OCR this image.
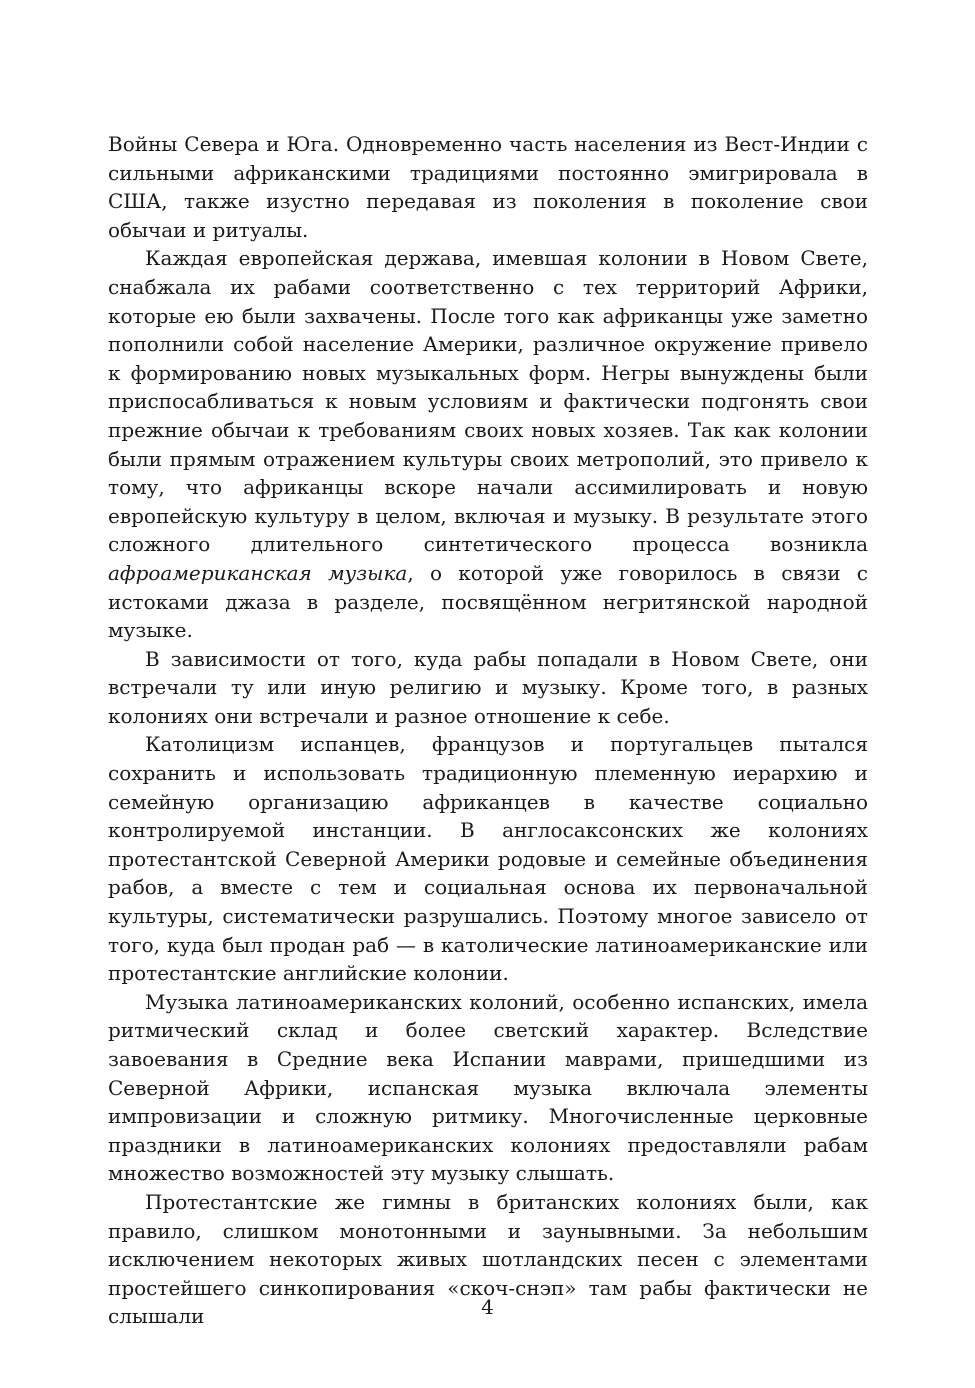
Войны Севера и Юга. Одновременно часть населения из Вест-Индии с сильными африканскими традициями постоянно эмигрировала в США, также изустно передавая из поколения в поколение свои обычаи и ритуалы.

Каждая европейская держава, имевшая колонии в Новом Свете, снабжала их рабами соответственно с тех территорий Африки, которые ею были захвачены. После того как африканцы уже заметно пополнили собой население Америки, различное окружение привело к формированию новых музыкальных форм. Негры вынуждены были приспосабливаться к новым условиям и фактически подгонять свои прежние обычаи к требованиям своих новых хозяев. Так как колонии были прямым отражением культуры своих метрополий, это привело к тому, что африканцы вскоре начали ассимилировать и новую европейскую культуру в целом, включая и музыку. В результате этого сложного длительного синтетического процесса возникла афроамериканская музыка, о которой уже говорилось в связи с истоками джаза в разделе, посвящённом негритянской народной музыке.

В зависимости от того, куда рабы попадали в Новом Свете, они встречали ту или иную религию и музыку. Кроме того, в разных колониях они встречали и разное отношение к себе.

Католицизм испанцев, французов и португальцев пытался сохранить и использовать традиционную племенную иерархию и семейную организацию африканцев в качестве социально контролируемой инстанции. В англосаксонских же колониях протестантской Северной Америки родовые и семейные объединения рабов, а вместе с тем и социальная основа их первоначальной культуры, систематически разрушались. Поэтому многое зависело от того, куда был продан раб — в католические латиноамериканские или протестантские английские колонии.

Музыка латиноамериканских колоний, особенно испанских, имела ритмический склад и более светский характер. Вследствие завоевания в Средние века Испании маврами, пришедшими из Северной Африки, испанская музыка включала элементы импровизации и сложную ритмику. Многочисленные церковные праздники в латиноамериканских колониях предоставляли рабам множество возможностей эту музыку слышать.

Протестантские же гимны в британских колониях были, как правило, слишком монотонными и заунывными. За небольшим исключением некоторых живых шотландских песен с элементами простейшего синкопирования «скоч-снэп» там рабы фактически не слышали	4
